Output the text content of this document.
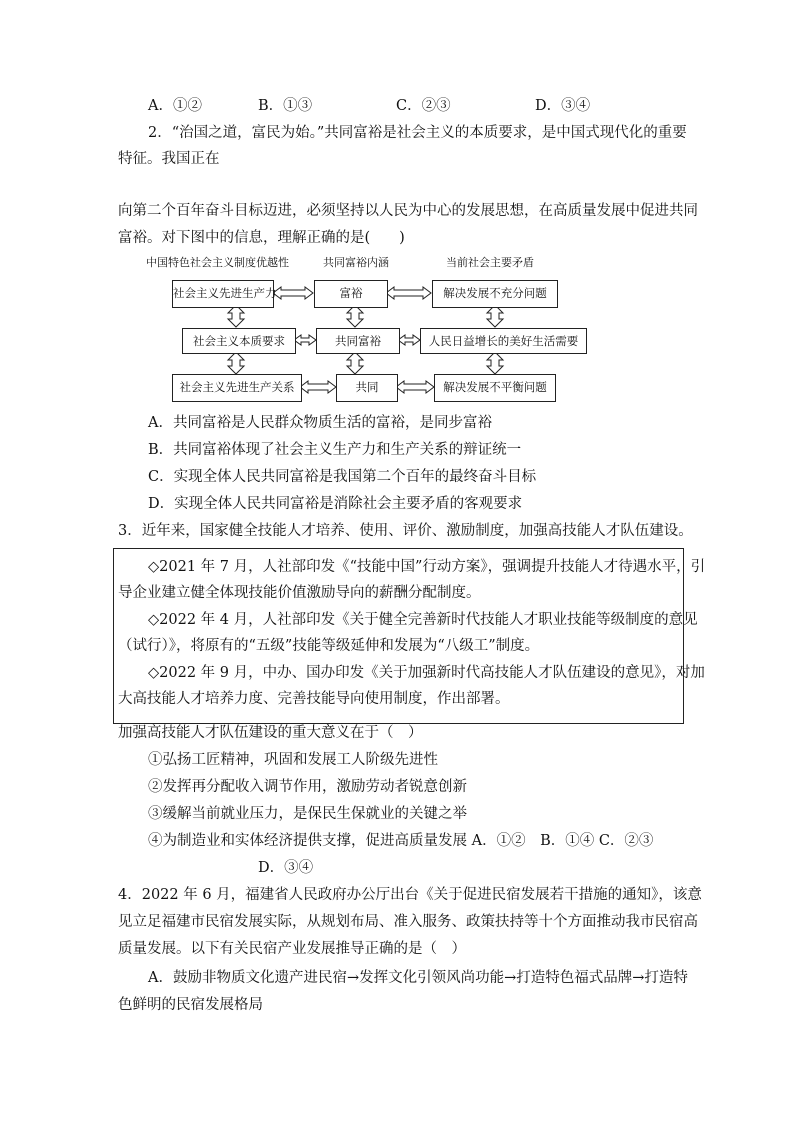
A．①②	B．①③	C．②③	D．③④
2．“治国之道，富民为始。”共同富裕是社会主义的本质要求，是中国式现代化的重要
特征。我国正在
向第二个百年奋斗目标迈进，必须坚持以人民为中心的发展思想，在高质量发展中促进共同
富裕。对下图中的信息，理解正确的是(　　)
中国特色社会主义制度优越性	共同富裕内涵	当前社会主要矛盾
社会主义先进生产力	富裕	解决发展不充分问题
社会主义本质要求	共同富裕	人民日益增长的美好生活需要
社会主义先进生产关系	共同	解决发展不平衡问题
A．共同富裕是人民群众物质生活的富裕，是同步富裕
B．共同富裕体现了社会主义生产力和生产关系的辩证统一
C．实现全体人民共同富裕是我国第二个百年的最终奋斗目标
D．实现全体人民共同富裕是消除社会主要矛盾的客观要求
3．近年来，国家健全技能人才培养、使用、评价、激励制度，加强高技能人才队伍建设。
◇2021 年 7 月，人社部印发《“技能中国”行动方案》，强调提升技能人才待遇水平，引
导企业建立健全体现技能价值激励导向的薪酬分配制度。
◇2022 年 4 月，人社部印发《关于健全完善新时代技能人才职业技能等级制度的意见
（试行）》，将原有的“五级”技能等级延伸和发展为“八级工”制度。
◇2022 年 9 月，中办、国办印发《关于加强新时代高技能人才队伍建设的意见》，对加
大高技能人才培养力度、完善技能导向使用制度，作出部署。
加强高技能人才队伍建设的重大意义在于（　）
①弘扬工匠精神，巩固和发展工人阶级先进性
②发挥再分配收入调节作用，激励劳动者锐意创新
③缓解当前就业压力，是保民生保就业的关键之举
④为制造业和实体经济提供支撑，促进高质量发展 A．①②　B．①④ C．②③
D．③④
4．2022 年 6 月，福建省人民政府办公厅出台《关于促进民宿发展若干措施的通知》，该意
见立足福建市民宿发展实际，从规划布局、准入服务、政策扶持等十个方面推动我市民宿高
质量发展。以下有关民宿产业发展推导正确的是（　）
A．鼓励非物质文化遗产进民宿→发挥文化引领风尚功能→打造特色福式品牌→打造特
色鲜明的民宿发展格局
